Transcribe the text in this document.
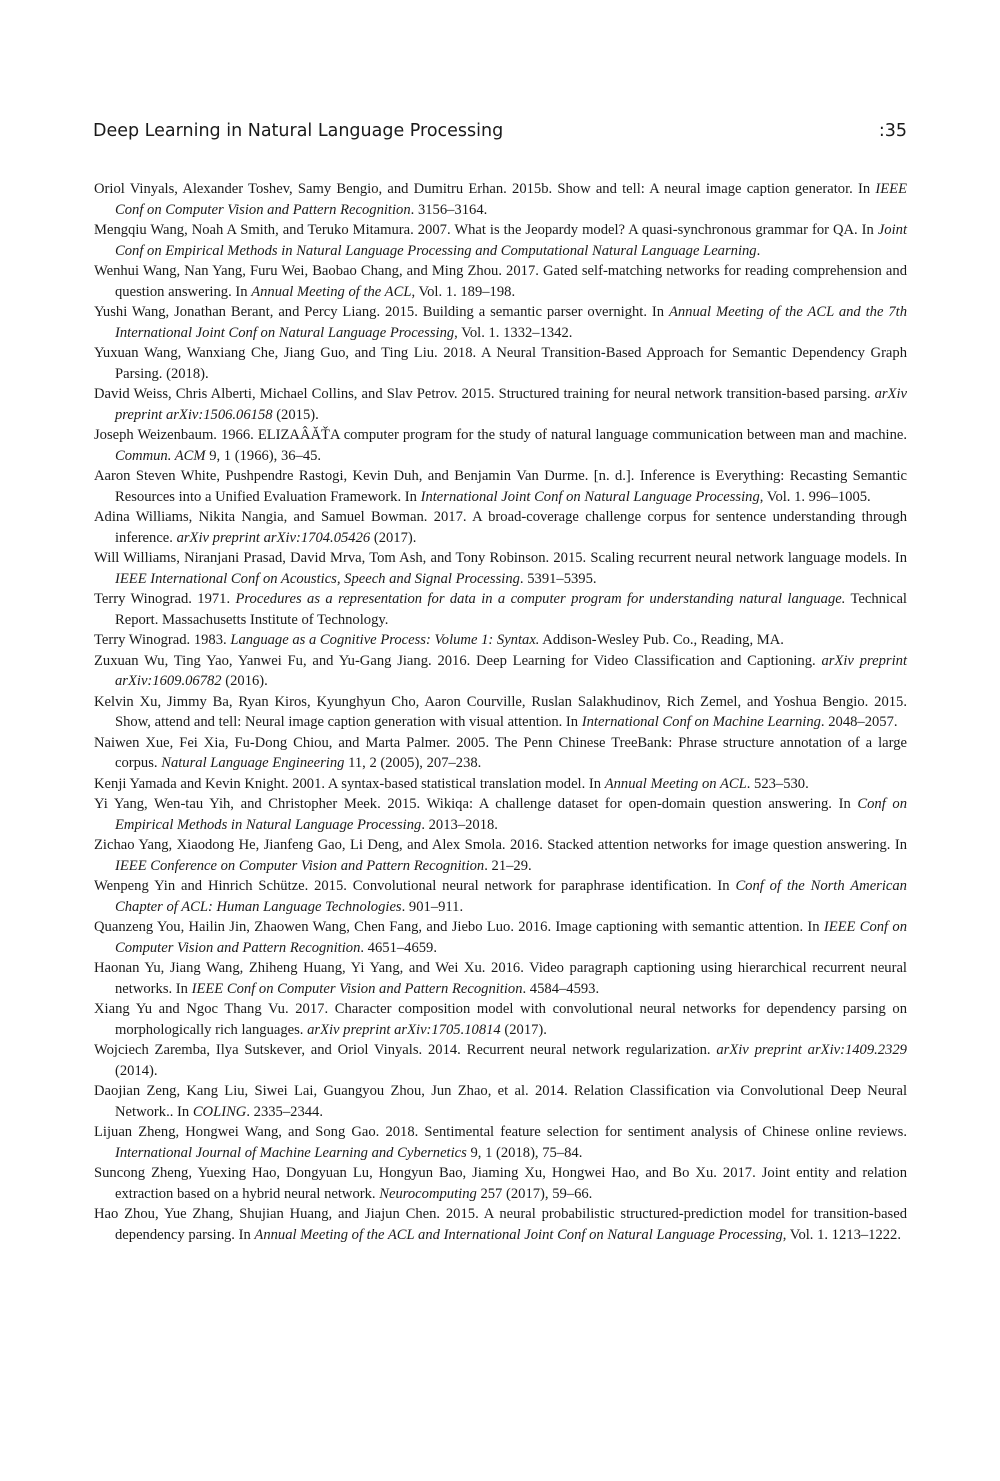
Deep Learning in Natural Language Processing	:35
Oriol Vinyals, Alexander Toshev, Samy Bengio, and Dumitru Erhan. 2015b. Show and tell: A neural image caption generator. In IEEE Conf on Computer Vision and Pattern Recognition. 3156–3164.
Mengqiu Wang, Noah A Smith, and Teruko Mitamura. 2007. What is the Jeopardy model? A quasi-synchronous grammar for QA. In Joint Conf on Empirical Methods in Natural Language Processing and Computational Natural Language Learning.
Wenhui Wang, Nan Yang, Furu Wei, Baobao Chang, and Ming Zhou. 2017. Gated self-matching networks for reading comprehension and question answering. In Annual Meeting of the ACL, Vol. 1. 189–198.
Yushi Wang, Jonathan Berant, and Percy Liang. 2015. Building a semantic parser overnight. In Annual Meeting of the ACL and the 7th International Joint Conf on Natural Language Processing, Vol. 1. 1332–1342.
Yuxuan Wang, Wanxiang Che, Jiang Guo, and Ting Liu. 2018. A Neural Transition-Based Approach for Semantic Dependency Graph Parsing. (2018).
David Weiss, Chris Alberti, Michael Collins, and Slav Petrov. 2015. Structured training for neural network transition-based parsing. arXiv preprint arXiv:1506.06158 (2015).
Joseph Weizenbaum. 1966. ELIZAÂĂŤA computer program for the study of natural language communication between man and machine. Commun. ACM 9, 1 (1966), 36–45.
Aaron Steven White, Pushpendre Rastogi, Kevin Duh, and Benjamin Van Durme. [n. d.]. Inference is Everything: Recasting Semantic Resources into a Unified Evaluation Framework. In International Joint Conf on Natural Language Processing, Vol. 1. 996–1005.
Adina Williams, Nikita Nangia, and Samuel Bowman. 2017. A broad-coverage challenge corpus for sentence understanding through inference. arXiv preprint arXiv:1704.05426 (2017).
Will Williams, Niranjani Prasad, David Mrva, Tom Ash, and Tony Robinson. 2015. Scaling recurrent neural network language models. In IEEE International Conf on Acoustics, Speech and Signal Processing. 5391–5395.
Terry Winograd. 1971. Procedures as a representation for data in a computer program for understanding natural language. Technical Report. Massachusetts Institute of Technology.
Terry Winograd. 1983. Language as a Cognitive Process: Volume 1: Syntax. Addison-Wesley Pub. Co., Reading, MA.
Zuxuan Wu, Ting Yao, Yanwei Fu, and Yu-Gang Jiang. 2016. Deep Learning for Video Classification and Captioning. arXiv preprint arXiv:1609.06782 (2016).
Kelvin Xu, Jimmy Ba, Ryan Kiros, Kyunghyun Cho, Aaron Courville, Ruslan Salakhudinov, Rich Zemel, and Yoshua Bengio. 2015. Show, attend and tell: Neural image caption generation with visual attention. In International Conf on Machine Learning. 2048–2057.
Naiwen Xue, Fei Xia, Fu-Dong Chiou, and Marta Palmer. 2005. The Penn Chinese TreeBank: Phrase structure annotation of a large corpus. Natural Language Engineering 11, 2 (2005), 207–238.
Kenji Yamada and Kevin Knight. 2001. A syntax-based statistical translation model. In Annual Meeting on ACL. 523–530.
Yi Yang, Wen-tau Yih, and Christopher Meek. 2015. Wikiqa: A challenge dataset for open-domain question answering. In Conf on Empirical Methods in Natural Language Processing. 2013–2018.
Zichao Yang, Xiaodong He, Jianfeng Gao, Li Deng, and Alex Smola. 2016. Stacked attention networks for image question answering. In IEEE Conference on Computer Vision and Pattern Recognition. 21–29.
Wenpeng Yin and Hinrich Schütze. 2015. Convolutional neural network for paraphrase identification. In Conf of the North American Chapter of ACL: Human Language Technologies. 901–911.
Quanzeng You, Hailin Jin, Zhaowen Wang, Chen Fang, and Jiebo Luo. 2016. Image captioning with semantic attention. In IEEE Conf on Computer Vision and Pattern Recognition. 4651–4659.
Haonan Yu, Jiang Wang, Zhiheng Huang, Yi Yang, and Wei Xu. 2016. Video paragraph captioning using hierarchical recurrent neural networks. In IEEE Conf on Computer Vision and Pattern Recognition. 4584–4593.
Xiang Yu and Ngoc Thang Vu. 2017. Character composition model with convolutional neural networks for dependency parsing on morphologically rich languages. arXiv preprint arXiv:1705.10814 (2017).
Wojciech Zaremba, Ilya Sutskever, and Oriol Vinyals. 2014. Recurrent neural network regularization. arXiv preprint arXiv:1409.2329 (2014).
Daojian Zeng, Kang Liu, Siwei Lai, Guangyou Zhou, Jun Zhao, et al. 2014. Relation Classification via Convolutional Deep Neural Network.. In COLING. 2335–2344.
Lijuan Zheng, Hongwei Wang, and Song Gao. 2018. Sentimental feature selection for sentiment analysis of Chinese online reviews. International Journal of Machine Learning and Cybernetics 9, 1 (2018), 75–84.
Suncong Zheng, Yuexing Hao, Dongyuan Lu, Hongyun Bao, Jiaming Xu, Hongwei Hao, and Bo Xu. 2017. Joint entity and relation extraction based on a hybrid neural network. Neurocomputing 257 (2017), 59–66.
Hao Zhou, Yue Zhang, Shujian Huang, and Jiajun Chen. 2015. A neural probabilistic structured-prediction model for transition-based dependency parsing. In Annual Meeting of the ACL and International Joint Conf on Natural Language Processing, Vol. 1. 1213–1222.
